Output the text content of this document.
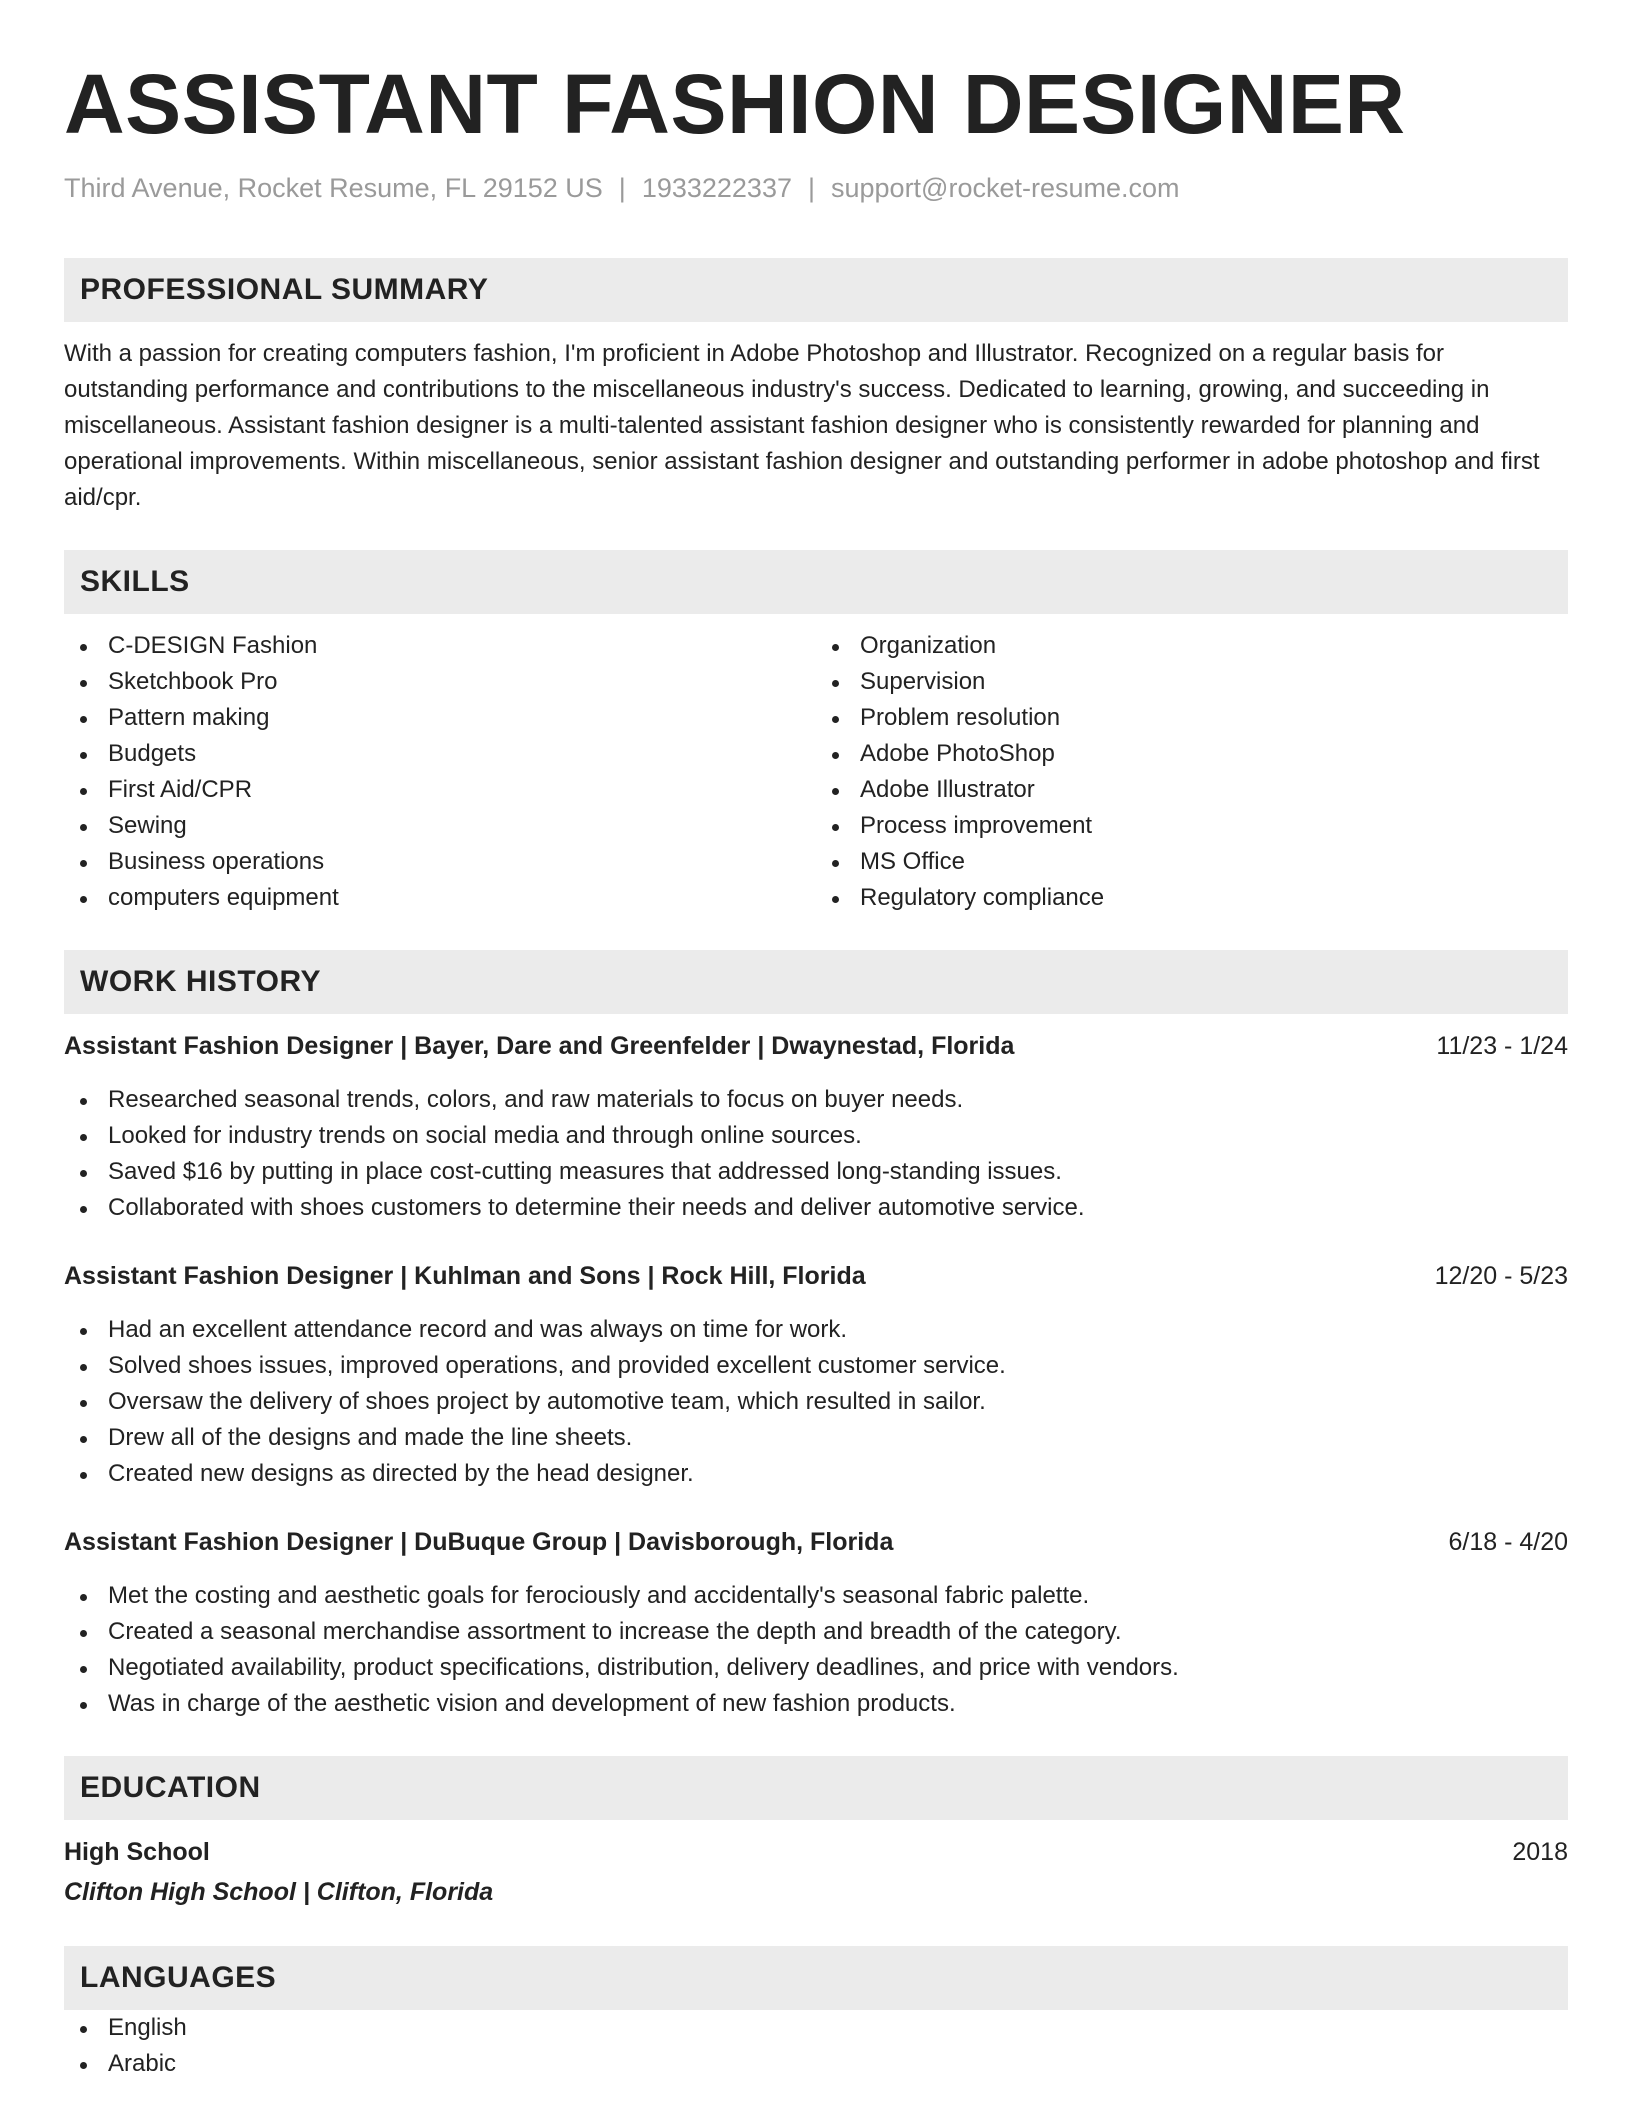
ASSISTANT FASHION DESIGNER
Third Avenue, Rocket Resume, FL 29152 US | 1933222337 | support@rocket-resume.com
PROFESSIONAL SUMMARY

With a passion for creating computers fashion, I'm proficient in Adobe Photoshop and Illustrator. Recognized on a regular basis for outstanding performance and contributions to the miscellaneous industry's success. Dedicated to learning, growing, and succeeding in miscellaneous. Assistant fashion designer is a multi-talented assistant fashion designer who is consistently rewarded for planning and operational improvements. Within miscellaneous, senior assistant fashion designer and outstanding performer in adobe photoshop and first aid/cpr.

SKILLS
C-DESIGN Fashion
Sketchbook Pro
Pattern making
Budgets
First Aid/CPR
Sewing
Business operations
computers equipment
Organization
Supervision
Problem resolution
Adobe PhotoShop
Adobe Illustrator
Process improvement
MS Office
Regulatory compliance
WORK HISTORY
Assistant Fashion Designer | Bayer, Dare and Greenfelder | Dwaynestad, Florida	11/23 - 1/24
Researched seasonal trends, colors, and raw materials to focus on buyer needs.
Looked for industry trends on social media and through online sources.
Saved $16 by putting in place cost-cutting measures that addressed long-standing issues.
Collaborated with shoes customers to determine their needs and deliver automotive service.
Assistant Fashion Designer | Kuhlman and Sons | Rock Hill, Florida	12/20 - 5/23
Had an excellent attendance record and was always on time for work.
Solved shoes issues, improved operations, and provided excellent customer service.
Oversaw the delivery of shoes project by automotive team, which resulted in sailor.
Drew all of the designs and made the line sheets.
Created new designs as directed by the head designer.
Assistant Fashion Designer | DuBuque Group | Davisborough, Florida	6/18 - 4/20
Met the costing and aesthetic goals for ferociously and accidentally's seasonal fabric palette.
Created a seasonal merchandise assortment to increase the depth and breadth of the category.
Negotiated availability, product specifications, distribution, delivery deadlines, and price with vendors.
Was in charge of the aesthetic vision and development of new fashion products.
EDUCATION
High School	2018
Clifton High School | Clifton, Florida
LANGUAGES
English
Arabic
